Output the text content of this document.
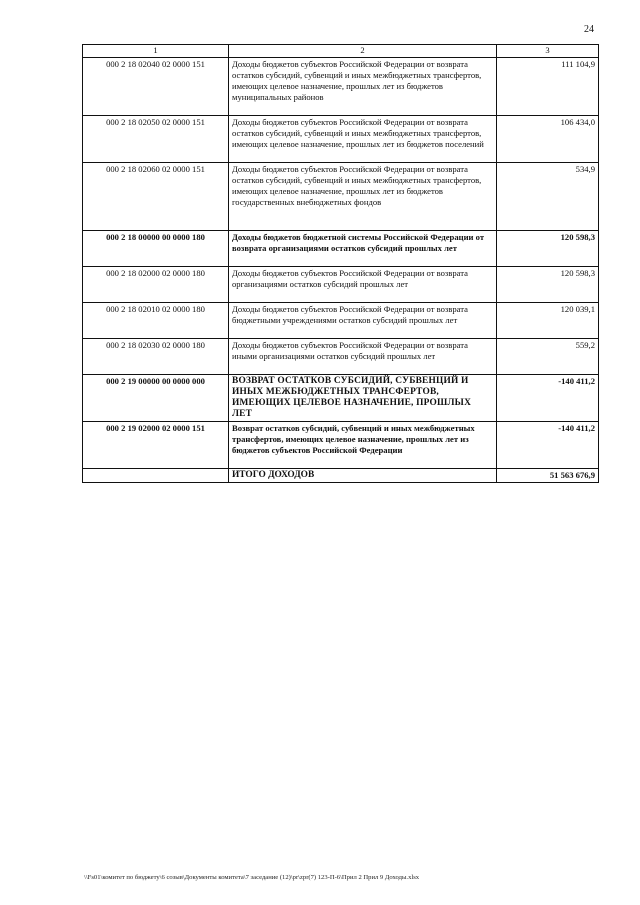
24
1	2	3
000 2 18 02040 02 0000 151	Доходы бюджетов субъектов Российской Федерации от возврата остатков субсидий, субвенций и иных межбюджетных трансфертов, имеющих целевое назначение, прошлых лет из бюджетов муниципальных районов	111 104,9
000 2 18 02050 02 0000 151	Доходы бюджетов субъектов Российской Федерации от возврата остатков субсидий, субвенций и иных межбюджетных трансфертов, имеющих целевое назначение, прошлых лет из бюджетов поселений	106 434,0
000 2 18 02060 02 0000 151	Доходы бюджетов субъектов Российской Федерации от возврата остатков субсидий, субвенций и иных межбюджетных трансфертов, имеющих целевое назначение, прошлых лет из бюджетов государственных внебюджетных фондов	534,9
000 2 18 00000 00 0000 180	Доходы бюджетов бюджетной системы Российской Федерации от возврата организациями остатков субсидий прошлых лет	120 598,3
000 2 18 02000 02 0000 180	Доходы бюджетов субъектов Российской Федерации от возврата организациями остатков субсидий прошлых лет	120 598,3
000 2 18 02010 02 0000 180	Доходы бюджетов субъектов Российской Федерации от возврата бюджетными учреждениями остатков субсидий прошлых лет	120 039,1
000 2 18 02030 02 0000 180	Доходы бюджетов субъектов Российской Федерации от возврата иными организациями остатков субсидий прошлых лет	559,2
000 2 19 00000 00 0000 000	ВОЗВРАТ ОСТАТКОВ СУБСИДИЙ, СУБВЕНЦИЙ И ИНЫХ МЕЖБЮДЖЕТНЫХ ТРАНСФЕРТОВ, ИМЕЮЩИХ ЦЕЛЕВОЕ НАЗНАЧЕНИЕ, ПРОШЛЫХ ЛЕТ	-140 411,2
000 2 19 02000 02 0000 151	Возврат остатков субсидий, субвенций и иных межбюджетных трансфертов, имеющих целевое назначение, прошлых лет из бюджетов субъектов Российской Федерации	-140 411,2
	ИТОГО ДОХОДОВ	51 563 676,9
\\Fs01\комитет по бюджету\6 созыв\Документы комитета\7 заседание (12)\pr\zpr(7) 123-П-6\Прил 2 Прил 9 Доходы.xlsx
